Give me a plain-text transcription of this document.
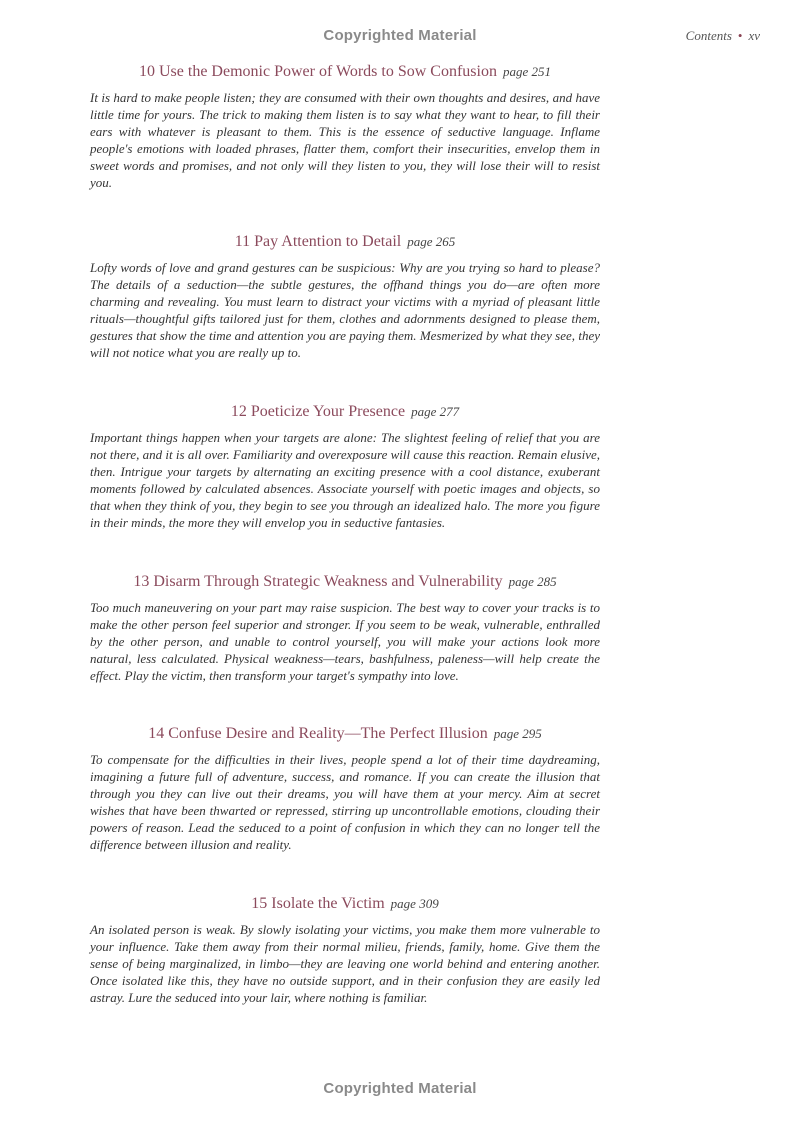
Copyrighted Material	Contents • xv
10 Use the Demonic Power of Words to Sow Confusion page 251

It is hard to make people listen; they are consumed with their own thoughts and desires, and have little time for yours. The trick to making them listen is to say what they want to hear, to fill their ears with whatever is pleasant to them. This is the essence of seductive language. Inflame people's emotions with loaded phrases, flatter them, comfort their insecurities, envelop them in sweet words and promises, and not only will they listen to you, they will lose their will to resist you.

11 Pay Attention to Detail page 265

Lofty words of love and grand gestures can be suspicious: Why are you trying so hard to please? The details of a seduction—the subtle gestures, the offhand things you do—are often more charming and revealing. You must learn to distract your victims with a myriad of pleasant little rituals—thoughtful gifts tailored just for them, clothes and adornments designed to please them, gestures that show the time and attention you are paying them. Mesmerized by what they see, they will not notice what you are really up to.

12 Poeticize Your Presence page 277

Important things happen when your targets are alone: The slightest feeling of relief that you are not there, and it is all over. Familiarity and overexposure will cause this reaction. Remain elusive, then. Intrigue your targets by alternating an exciting presence with a cool distance, exuberant moments followed by calculated absences. Associate yourself with poetic images and objects, so that when they think of you, they begin to see you through an idealized halo. The more you figure in their minds, the more they will envelop you in seductive fantasies.

13 Disarm Through Strategic Weakness and Vulnerability page 285

Too much maneuvering on your part may raise suspicion. The best way to cover your tracks is to make the other person feel superior and stronger. If you seem to be weak, vulnerable, enthralled by the other person, and unable to control yourself, you will make your actions look more natural, less calculated. Physical weakness—tears, bashfulness, paleness—will help create the effect. Play the victim, then transform your target's sympathy into love.

14 Confuse Desire and Reality—The Perfect Illusion page 295

To compensate for the difficulties in their lives, people spend a lot of their time daydreaming, imagining a future full of adventure, success, and romance. If you can create the illusion that through you they can live out their dreams, you will have them at your mercy. Aim at secret wishes that have been thwarted or repressed, stirring up uncontrollable emotions, clouding their powers of reason. Lead the seduced to a point of confusion in which they can no longer tell the difference between illusion and reality.

15 Isolate the Victim page 309

An isolated person is weak. By slowly isolating your victims, you make them more vulnerable to your influence. Take them away from their normal milieu, friends, family, home. Give them the sense of being marginalized, in limbo—they are leaving one world behind and entering another. Once isolated like this, they have no outside support, and in their confusion they are easily led astray. Lure the seduced into your lair, where nothing is familiar.

Copyrighted Material
